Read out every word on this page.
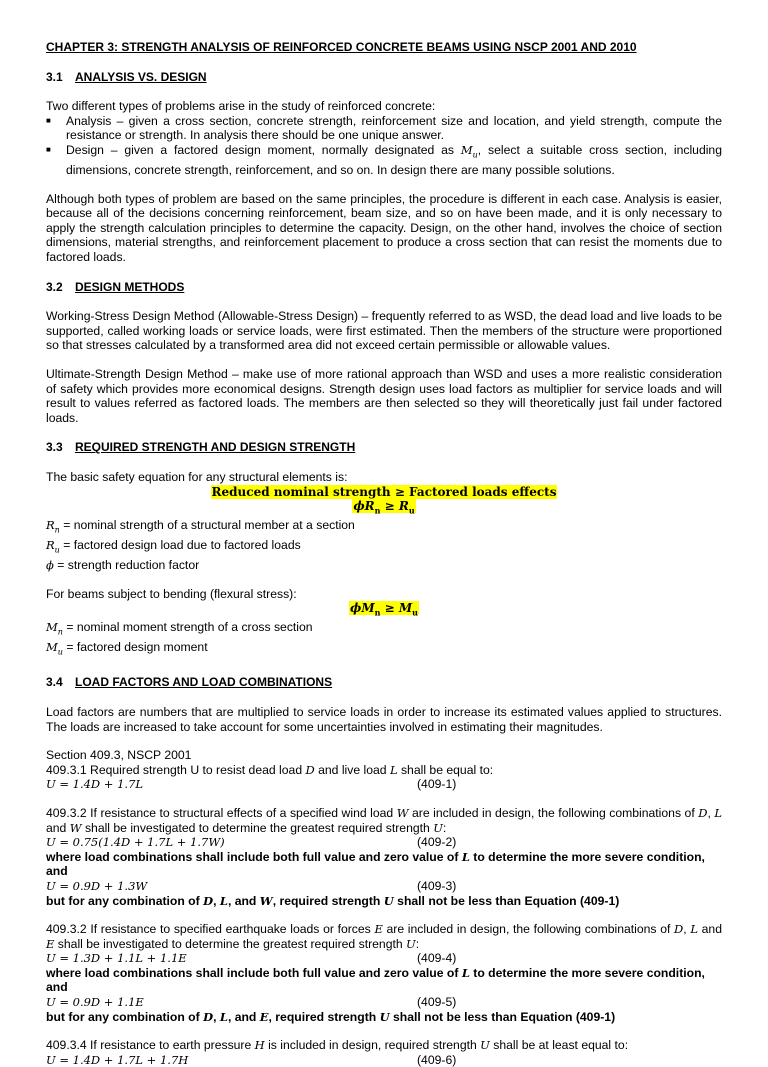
CHAPTER 3: STRENGTH ANALYSIS OF REINFORCED CONCRETE BEAMS USING NSCP 2001 AND 2010
3.1 ANALYSIS VS. DESIGN

Two different types of problems arise in the study of reinforced concrete:

■	Analysis – given a cross section, concrete strength, reinforcement size and location, and yield strength, compute the resistance or strength. In analysis there should be one unique answer.
■	Design – given a factored design moment, normally designated as $M_u$, select a suitable cross section, including dimensions, concrete strength, reinforcement, and so on. In design there are many possible solutions.

Although both types of problem are based on the same principles, the procedure is different in each case. Analysis is easier, because all of the decisions concerning reinforcement, beam size, and so on have been made, and it is only necessary to apply the strength calculation principles to determine the capacity. Design, on the other hand, involves the choice of section dimensions, material strengths, and reinforcement placement to produce a cross section that can resist the moments due to factored loads.

3.2 DESIGN METHODS

Working-Stress Design Method (Allowable-Stress Design) – frequently referred to as WSD, the dead load and live loads to be supported, called working loads or service loads, were first estimated. Then the members of the structure were proportioned so that stresses calculated by a transformed area did not exceed certain permissible or allowable values.

Ultimate-Strength Design Method – make use of more rational approach than WSD and uses a more realistic consideration of safety which provides more economical designs. Strength design uses load factors as multiplier for service loads and will result to values referred as factored loads. The members are then selected so they will theoretically just fail under factored loads.

3.3 REQUIRED STRENGTH AND DESIGN STRENGTH

The basic safety equation for any structural elements is:

Reduced nominal strength ≥ Factored loads effects
$\phi R_n \ge R_u$
$R_n$ = nominal strength of a structural member at a section
$R_u$ = factored design load due to factored loads
ϕ = strength reduction factor
For beams subject to bending (flexural stress):
$\phi M_n \ge M_u$
$M_n$ = nominal moment strength of a cross section
$M_u$ = factored design moment
3.4 LOAD FACTORS AND LOAD COMBINATIONS

Load factors are numbers that are multiplied to service loads in order to increase its estimated values applied to structures. The loads are increased to take account for some uncertainties involved in estimating their magnitudes.

Section 409.3, NSCP 2001
409.3.1 Required strength U to resist dead load D and live load L shall be equal to:
U = 1.4D + 1.7L	(409-1)
409.3.2 If resistance to structural effects of a specified wind load W are included in design, the following combinations of D, L and W shall be investigated to determine the greatest required strength U:
U = 0.75(1.4D + 1.7L + 1.7W)	(409-2)
where load combinations shall include both full value and zero value of L to determine the more severe condition, and
U = 0.9D + 1.3W	(409-3)
but for any combination of D, L, and W, required strength U shall not be less than Equation (409-1)
409.3.2 If resistance to specified earthquake loads or forces E are included in design, the following combinations of D, L and E shall be investigated to determine the greatest required strength U:
U = 1.3D + 1.1L + 1.1E	(409-4)
where load combinations shall include both full value and zero value of L to determine the more severe condition, and
U = 0.9D + 1.1E	(409-5)
but for any combination of D, L, and E, required strength U shall not be less than Equation (409-1)
409.3.4 If resistance to earth pressure H is included in design, required strength U shall be at least equal to:
U = 1.4D + 1.7L + 1.7H	(409-6)
